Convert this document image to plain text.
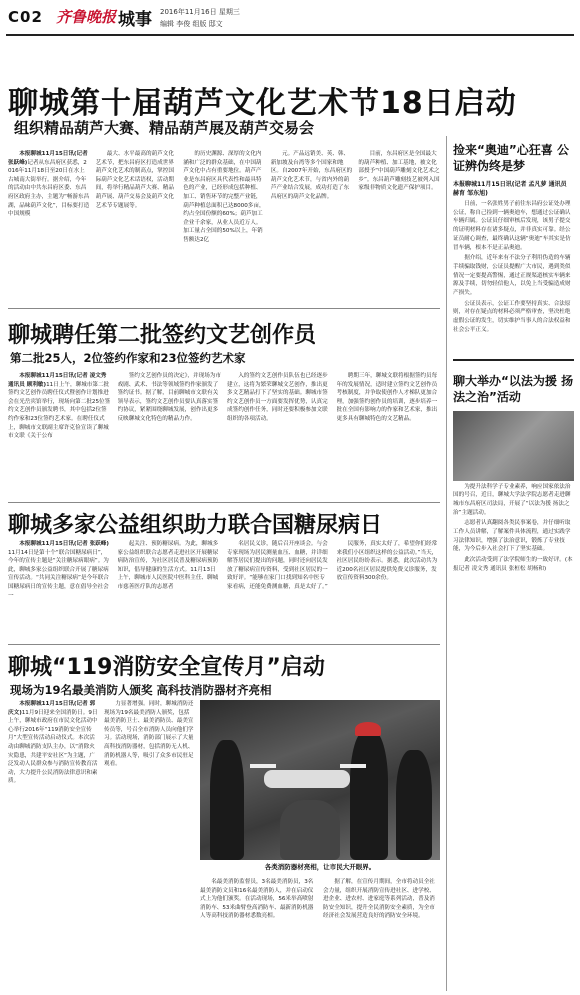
C02 齐鲁晚报 城事 2016年11月16日 星期三
编辑 李俊 组版 邸文
聊城第十届葫芦文化艺术节18日启动
组织精品葫芦大赛、精品葫芦展及葫芦交易会

本报聊城11月15日讯(记者 张跃峰)记者从东昌府区获悉，2016年11月18日至20日在水上古城南大街举行。据介绍，今年的活动由中共东昌府区委、东昌府区政府主办，主题为“畅游东昌湖，品味葫芦文化”，目标要打造中国规模

最大、水平最高的葫芦文化艺术节，把东昌府区打造成世界葫芦文化艺术的制高点，掌控国际葫芦文化艺术话语权，活动期间，将举行精品葫芦大赛、精品葫芦展、葫芦交易会及葫芦文化艺术节专题展等。

的历史渊源、深厚的文化内涵和广泛的群众基础，在中国葫芦文化中占有重要地位。葫芦产业是东昌府区具代表性和最具特色的产业，已经形成包括种植、加工、销售环节的完整产业链，葫芦种植总面积已达8000多亩，约占全国份额的60%；葫芦加工企业千余家，从业人员近万人。加工量占全国的50%以上，年销售额达2亿

元。产品远销美、英、韩、新加坡及台湾等多个国家和地区。自2007年开始，东昌府区的葫芦文化艺术节，与省内外的葫芦产业结合发展，成功打造了东昌府区的葫芦文化品牌。

目前，东昌府区是全国最大的葫芦种植、加工基地，被文化部授予“中国葫芦雕刻文化艺术之乡”。东昌葫芦雕刻技艺被列入国家级非物质文化遗产保护项目。

聊城聘任第二批签约文艺创作员
第二批25人，2位签约作家和23位签约艺术家

本报聊城11月15日讯(记者 凌文秀 通讯员 顾利敏)11日上午，聊城市第二批签约文艺创作员聘任仪式暨创作计划推进会在光岳宾馆举行，现场向第二批25位签约文艺创作员颁发聘书，其中包括2位签约作家和23位签约艺术家。在聘任仪式上，聊城市文联副主席许克俭宣读了聊城市文联《关于公布

签约文艺创作员的决定》，并现场为市戏剧、武术、书法等领域签约作家颁发了签约证书。据了解，目前聊城市文联有关领导表示，签约文艺创作员要认真落实签约协议，紧紧围绕聊城发展，创作出更多反映聊城文化特色的精品力作。

入的签约文艺创作员队伍也已经逐步建立，这将为繁荣聊城文艺创作，推出更多文艺精品打下了坚实的基础。聊城市签约文艺创作员一方面要发挥优势，认真完成签约创作任务，同时还要积极参加文联组织的各项活动。

聘期三年，聊城文联将根据签约员每年的发展情况，适时建立签约文艺创作员考核制度，并争取使创作人才梯队更加合理，加强签约创作员的培训，逐步培养一批在全国有影响力的作家和艺术家，推出更多具有聊城特色的文艺精品。

聊城多家公益组织助力联合国糖尿病日

本报聊城11月15日讯(记者 张跃峰)11月14日是第十个“联合国糖尿病日”，今年的宣传主题是“关注糖尿病眼病”。为此，聊城多家公益组织联合开展了糖尿病宣传活动。“共同关注糖尿病”是今年联合国糖尿病日的宣传主题，意在倡导全社会一

起关注、预防糖尿病。为此，聊城多家公益组织联合志愿者走进社区开展糖尿病防治宣传，为社区居民普及糖尿病预防知识，倡导健康的生活方式。11月13日上午，聊城市人民医院中医科主任、聊城市慈善医疗队的志愿者

名居民义诊，随后召开座谈会。与会专家现场为居民测量血压、血糖，并详细解答居民们提出的问题，同时还向居民发放了糖尿病宣传资料，受到社区居民的一致好评。“能够在家门口找到知名中医专家看病，还能免费测血糖，真是太好了。”

民服务，真实太好了，希望你们经常来我们小区组织这样的公益活动。”当天，社区居民纷纷表示。据悉，此次活动共为近200名社区居民提供免费义诊服务，发放宣传资料300余份。

聊城“119消防安全宣传月”启动
现场为19名最美消防人颁奖 高科技消防器材齐亮相

本报聊城11月15日讯(记者 郭庆文)11月9日迎来全国消防日。9日上午，聊城市政府在市民文化活动中心举行2016年“119消防安全宣传月”大型宣传活动启动仪式。本次活动由聊城消防支队主办，以“消除火灾隐患，共建平安社区”为主题，广泛发动人民群众参与消防宣传教育活动，大力提升公民消防法律意识和素质。

力显著增强。同时，聊城消防还现场为19名最美消防人颁奖，包括最美消防卫士、最美消防员、最美宣传员等，号召全市消防人员向他们学习。活动现场，消防部门展示了大量高科技消防器材，包括消防无人机、消防机器人等，吸引了众多市民驻足观看。

各类消防器材亮相，让市民大开眼界。

名最美消防监督员，3名最美消防员，3名最美消防文员和16名最美消防人，并在启动仪式上为他们颁奖。在活动现场，56米举高喷射消防车、53米曲臂登高消防车、最新消防机器人等高科技消防器材悉数亮相。

据了解，在宣传月期间，全市将动员全社会力量，组织开展消防宣传进社区、进学校、进企业、进农村、进家庭等系列活动，普及消防安全知识，提升全民消防安全素质，为全市经济社会发展营造良好的消防安全环境。

捡来“奥迪”心狂喜 公证辨伪终是梦
本报聊城11月15日讯(记者 孟凡萝 通讯员 赫育 邹东旭)

日前，一名张姓男子前往东昌府公证处办理公证，称自己捡到一辆奥迪车，想通过公证确认车辆归属。公证员仔细审核后发现，该男子提交的证明材料存在诸多疑点，并非真实可靠。经公证员耐心调查，最终确认这辆“奥迪”车其实是仿冒车辆，根本不是正品奥迪。

据介绍，近年来有不法分子利用伪造的车辆手续骗取钱财，公证员提醒广大市民，遇到类似情况一定要提高警惕，通过正规渠道核实车辆来源及手续，切勿轻信他人，以免上当受骗造成财产损失。

公证员表示，公证工作要坚持真实、合法原则，对存在疑点的材料必须严格审查，坚决杜绝虚假公证的发生，切实维护当事人的合法权益和社会公平正义。

聊大举办“以法为援 扬法之治”活动

为提升法科学子专业素养，响应国家依法治国的号召，近日，聊城大学法学院志愿者走进聊城市东昌府区司法局，开展了“以法为援 扬法之治”主题活动。

志愿者认真翻阅各类民事案卷，并仔细听取工作人员讲解，了解案件具体流程，通过实践学习法律知识，增强了法治意识，锻炼了专业技能，为今后步入社会打下了坚实基础。

此次活动受到了法学院师生的一致好评。(本报记者 凌文秀 通讯员 张桓松 胡杨和)
